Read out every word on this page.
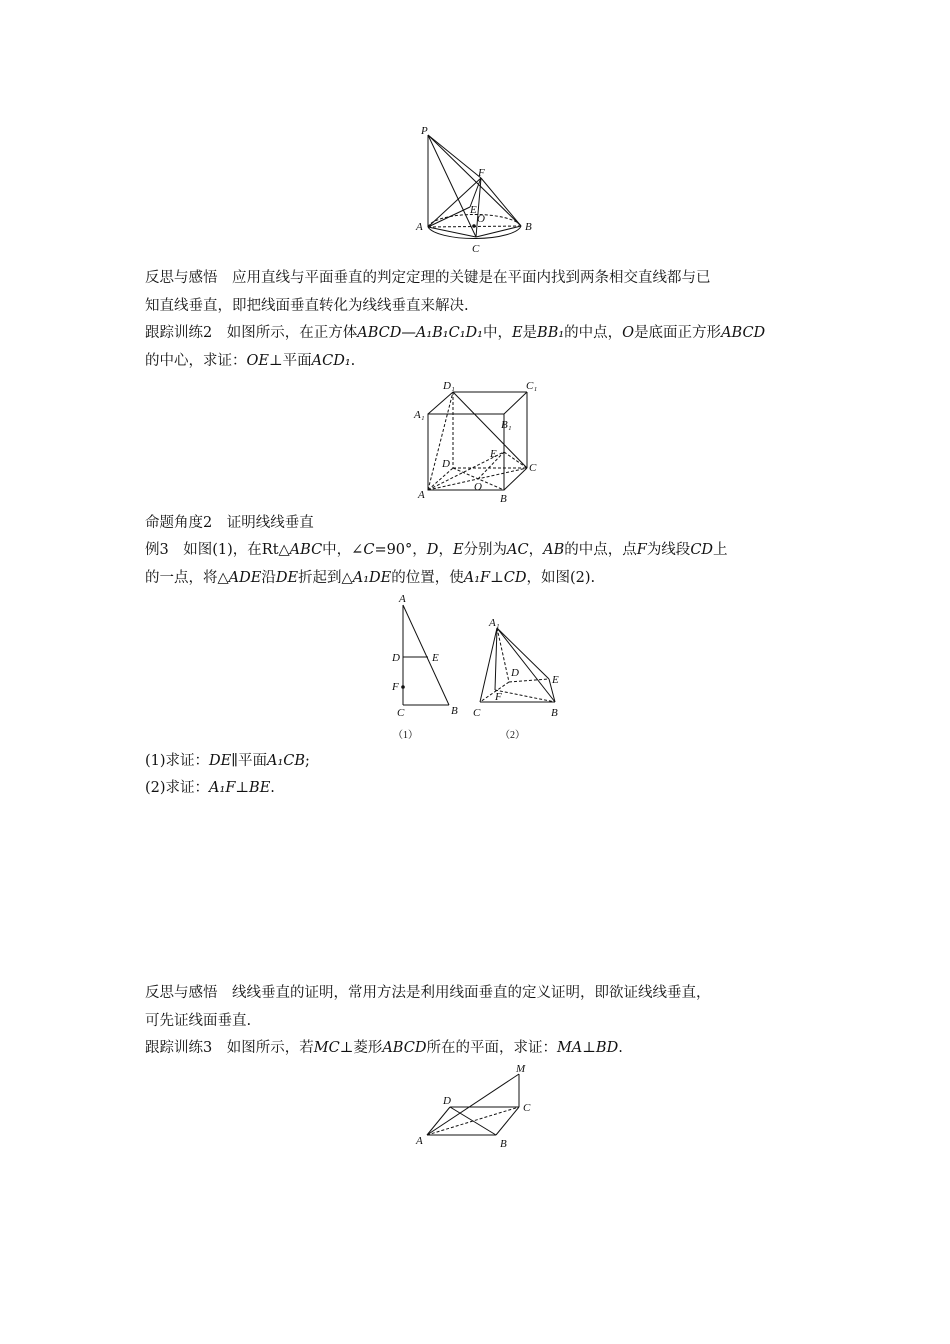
P
F
E
O
A	B
C
反思与感悟　 应用直线与平面垂直的判定定理的关键是在平面内找到两条相交直线都与已
知直线垂直，即把线面垂直转化为线线垂直来解决.
跟踪训练2　 如图所示，在正方体ABCD—A₁B₁C₁D₁中，E是BB₁的中点，O是底面正方形ABCD
的中心，求证：OE⊥平面ACD₁.
D₁	C₁
A₁
B₁
D
E
C
A
O
B
命题角度2　证明线线垂直
例3　 如图(1)，在Rt△ABC中，∠C=90°，D，E分别为AC，AB的中点，点F为线段CD上
的一点，将△ADE沿DE折起到△A₁DE的位置，使A₁F⊥CD，如图(2).
A
D	E
F
C	B
（1）
A₁
D
E
F
C	B
（2）
(1)求证：DE∥平面A₁CB;
(2)求证：A₁F⊥BE.
反思与感悟　 线线垂直的证明，常用方法是利用线面垂直的定义证明，即欲证线线垂直，
可先证线面垂直.
跟踪训练3　 如图所示，若MC⊥菱形ABCD所在的平面，求证：MA⊥BD.
M
D
C
A	B
